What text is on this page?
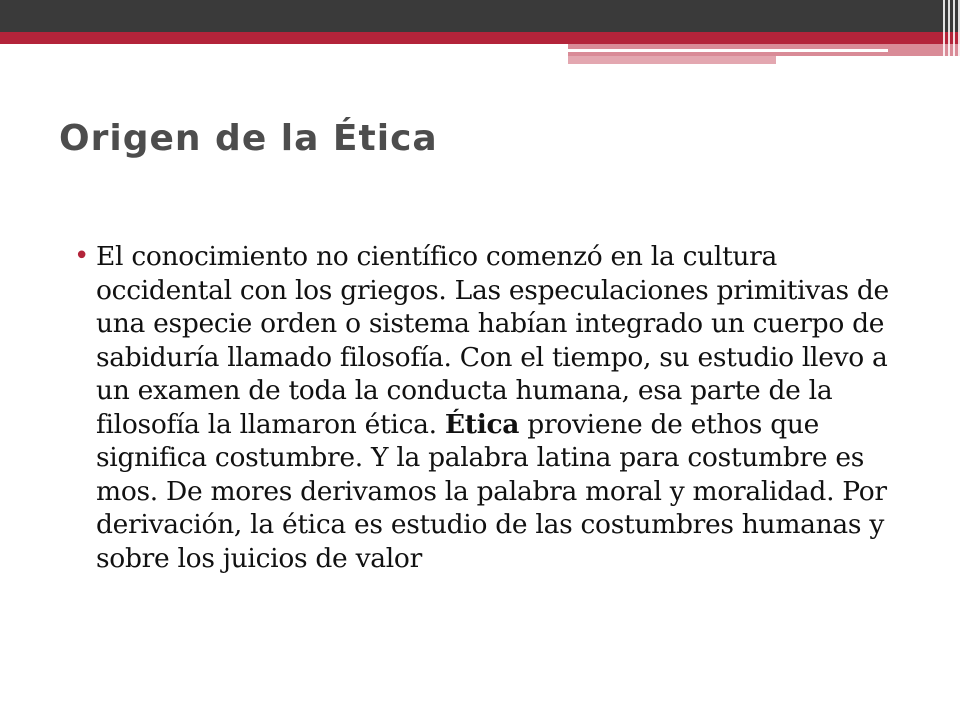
Origen de la Ética
• El conocimiento no científico comenzó en la cultura occidental con los griegos. Las especulaciones primitivas de una especie orden o sistema habían integrado un cuerpo de sabiduría llamado filosofía. Con el tiempo, su estudio llevo a un examen de toda la conducta humana, esa parte de la filosofía la llamaron ética. Ética proviene de ethos que significa costumbre. Y la palabra latina para costumbre es mos. De mores derivamos la palabra moral y moralidad. Por derivación, la ética es estudio de las costumbres humanas y sobre los juicios de valor
